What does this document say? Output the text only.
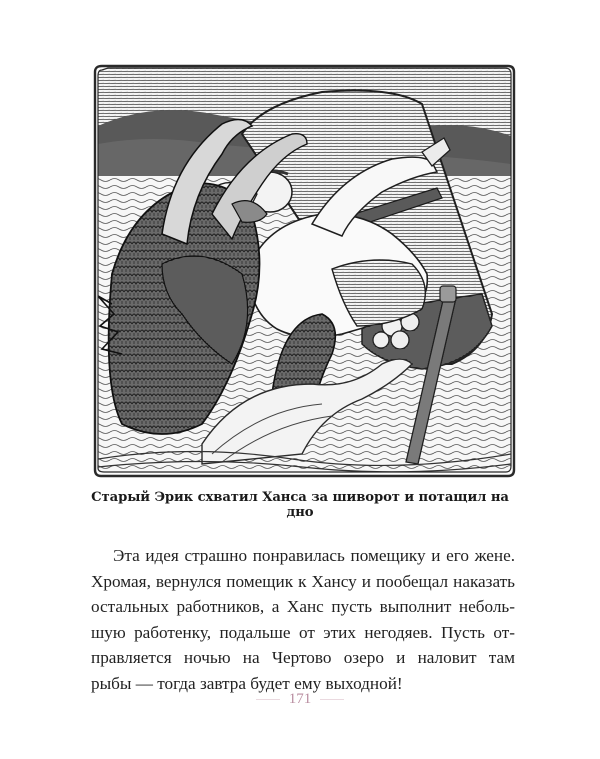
Старый Эрик схватил Ханса за шиворот и потащил на дно
Эта идея страшно понравилась помещику и его жене.
Хромая, вернулся помещик к Хансу и пообещал наказать
остальных работников, а Ханс пусть выполнит неболь-
шую работенку, подальше от этих негодяев. Пусть от-
правляется ночью на Чертово озеро и наловит там
рыбы — тогда завтра будет ему выходной!
171
